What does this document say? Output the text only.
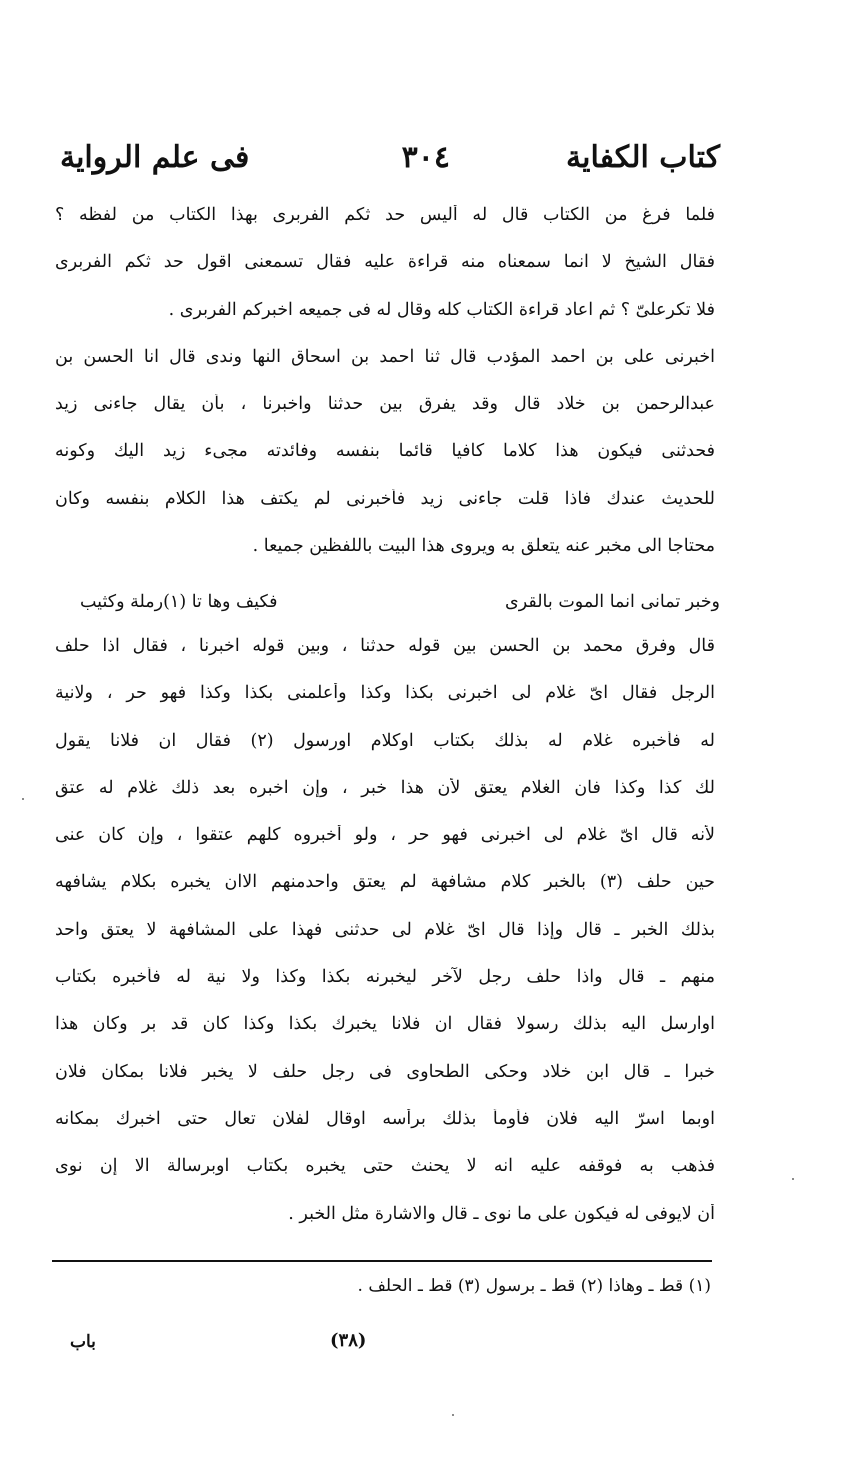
كتاب الكفاية
٣٠٤
فى علم الرواية
فلما فرغ من الكتاب قال له أليس حد ثكم الفربرى بهذا الكتاب من لفظه ؟
فقال الشيخ لا انما سمعناه منه قراءة عليه فقال تسمعنى اقول حد ثكم الفربرى
فلا تكرعلىّ ؟ ثم اعاد قراءة الكتاب كله وقال له فى جميعه اخبركم الفربرى .
اخبرنى على بن احمد المؤدب قال ثنا احمد بن اسحاق النها وندى قال انا الحسن بن
عبدالرحمن بن خلاد قال وقد يفرق بين حدثنا واخبرنا ، بأن يقال جاءنى زيد
فحدثنى فيكون هذا كلاما كافيا قائما بنفسه وفائدته مجىء زيد اليك وكونه
للحديث عندك فاذا قلت جاءنى زيد فأخبرنى لم يكتف هذا الكلام بنفسه وكان
محتاجا الى مخبر عنه يتعلق به ويروى هذا البيت باللفظين جميعا .
وخبر تمانى انما الموت بالقرى
فكيف وها تا (١)رملة وكثيب
قال وفرق محمد بن الحسن بين قوله حدثنا ، وبين قوله اخبرنا ، فقال اذا حلف
الرجل فقال اىّ غلام لى اخبرنى بكذا وكذا وأعلمنى بكذا وكذا فهو حر ، ولانية
له فأخبره غلام له بذلك بكتاب اوكلام اورسول (٢) فقال ان فلانا يقول
لك كذا وكذا فان الغلام يعتق لأن هذا خبر ، وإن اخبره بعد ذلك غلام له عتق
لأنه قال اىّ غلام لى اخبرنى فهو حر ، ولو أخبروه كلهم عتقوا ، وإن كان عنى
حين حلف (٣) بالخبر كلام مشافهة لم يعتق واحدمنهم الاان يخبره بكلام يشافهه
بذلك الخبر ـ قال وإذا قال اىّ غلام لى حدثنى فهذا على المشافهة لا يعتق واحد
منهم ـ قال واذا حلف رجل لآخر ليخبرنه بكذا وكذا ولا نية له فأخبره بكتاب
اوارسل اليه بذلك رسولا فقال ان فلانا يخبرك بكذا وكذا كان قد بر وكان هذا
خبرا ـ قال ابن خلاد وحكى الطحاوى فى رجل حلف لا يخبر فلانا بمكان فلان
اوبما اسرّ اليه فلان فأومأ بذلك برأسه اوقال لفلان تعال حتى اخبرك بمكانه
فذهب به فوقفه عليه انه لا يحنث حتى يخبره بكتاب اوبرسالة الا إن نوى
أن لايوفى له فيكون على ما نوى ـ قال والاشارة مثل الخبر .
(١) قط ـ وهاذا (٢) قط ـ برسول (٣) قط ـ الحلف .
(٣٨)
باب
